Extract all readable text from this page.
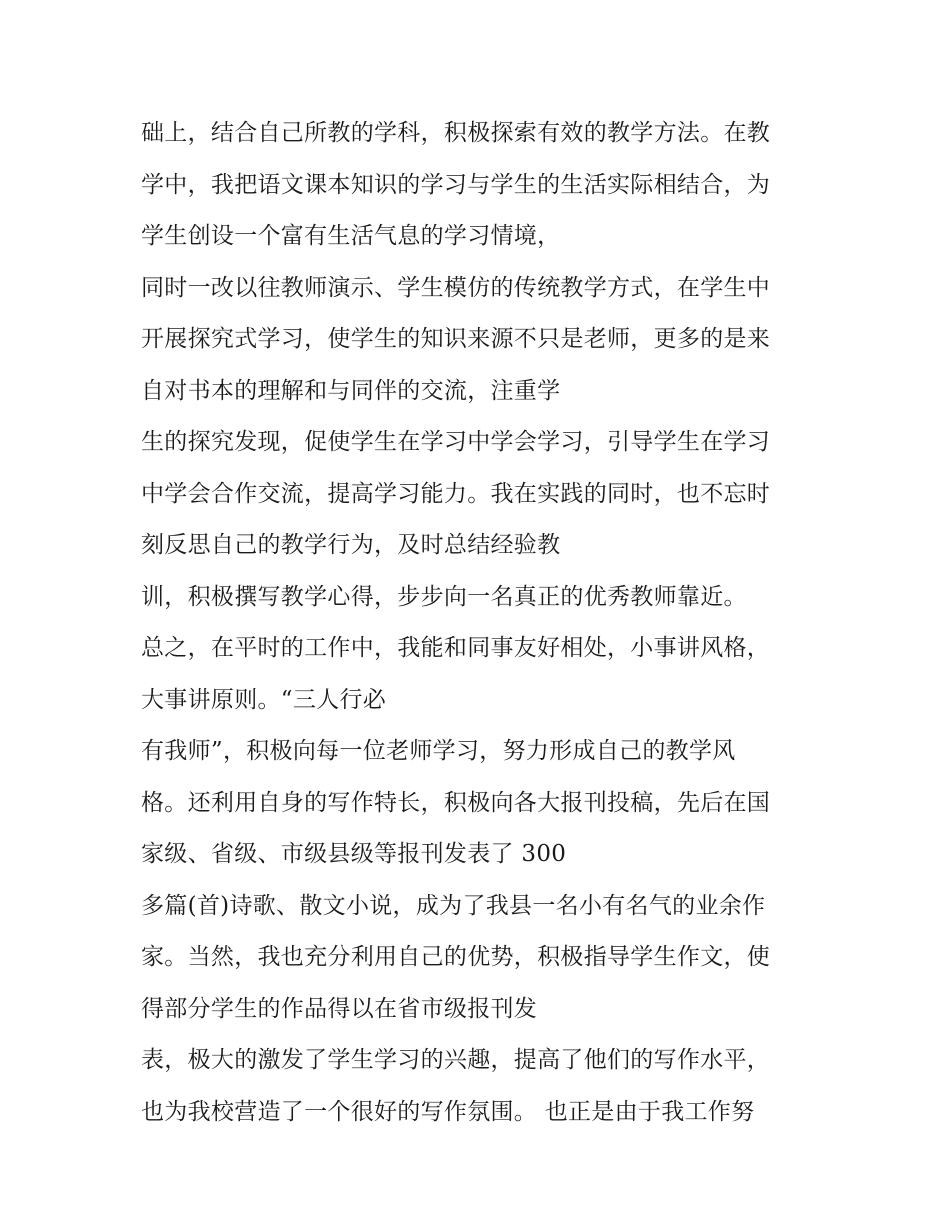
础上，结合自己所教的学科，积极探索有效的教学方法。在教
学中，我把语文课本知识的学习与学生的生活实际相结合，为
学生创设一个富有生活气息的学习情境，
同时一改以往教师演示、学生模仿的传统教学方式，在学生中
开展探究式学习，使学生的知识来源不只是老师，更多的是来
自对书本的理解和与同伴的交流，注重学
生的探究发现，促使学生在学习中学会学习，引导学生在学习
中学会合作交流，提高学习能力。我在实践的同时，也不忘时
刻反思自己的教学行为，及时总结经验教
训，积极撰写教学心得，步步向一名真正的优秀教师靠近。
总之，在平时的工作中，我能和同事友好相处，小事讲风格，
大事讲原则。“三人行必
有我师”，积极向每一位老师学习，努力形成自己的教学风
格。还利用自身的写作特长，积极向各大报刊投稿，先后在国
家级、省级、市级县级等报刊发表了 300
多篇(首)诗歌、散文小说，成为了我县一名小有名气的业余作
家。当然，我也充分利用自己的优势，积极指导学生作文，使
得部分学生的作品得以在省市级报刊发
表，极大的激发了学生学习的兴趣，提高了他们的写作水平，
也为我校营造了一个很好的写作氛围。 也正是由于我工作努
